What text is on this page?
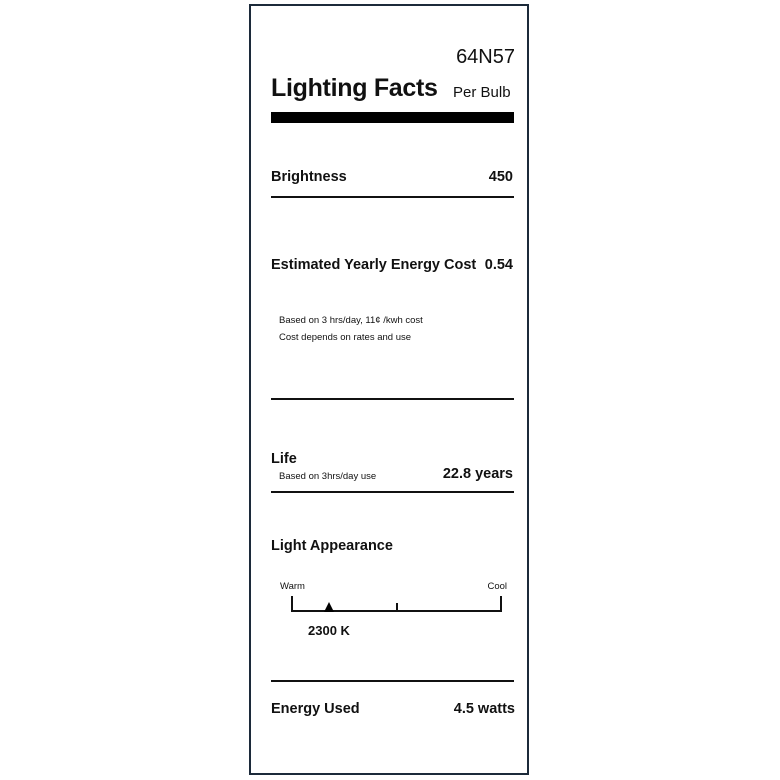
64N57
Lighting Facts Per Bulb
Brightness	450
Estimated Yearly Energy Cost 0.54
Based on 3 hrs/day, 11¢ /kwh cost
Cost depends on rates and use
Life
Based on 3hrs/day use	22.8 years
Light Appearance
Warm	Cool
2300 K
Energy Used	4.5 watts
